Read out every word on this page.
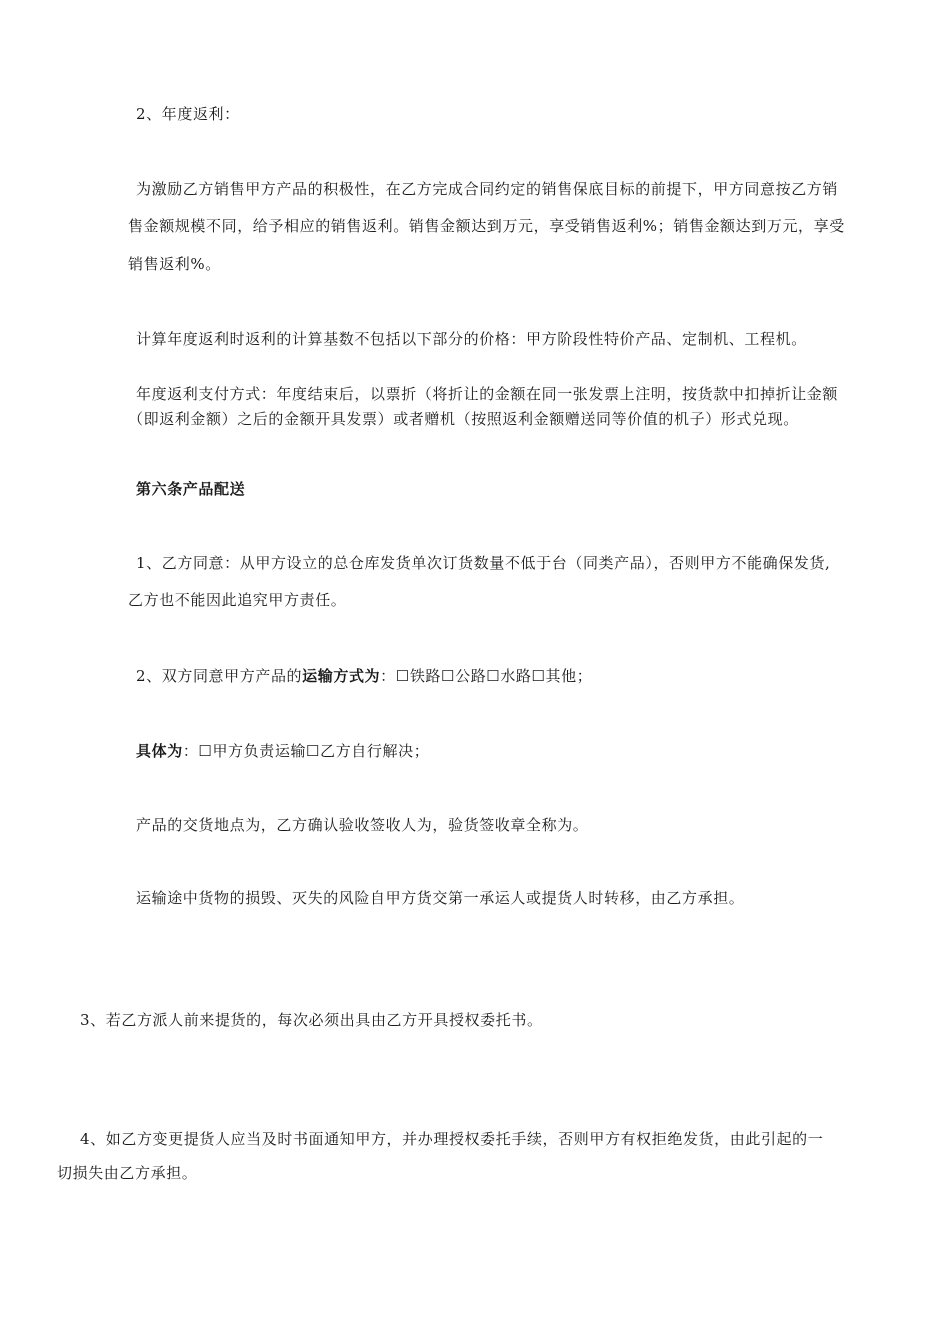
2、年度返利：
为激励乙方销售甲方产品的积极性，在乙方完成合同约定的销售保底目标的前提下，甲方同意按乙方销
售金额规模不同，给予相应的销售返利。销售金额达到万元，享受销售返利%；销售金额达到万元，享受
销售返利%。
计算年度返利时返利的计算基数不包括以下部分的价格：甲方阶段性特价产品、定制机、工程机。
年度返利支付方式：年度结束后，以票折（将折让的金额在同一张发票上注明，按货款中扣掉折让金额
（即返利金额）之后的金额开具发票）或者赠机（按照返利金额赠送同等价值的机子）形式兑现。
第六条产品配送
1、乙方同意：从甲方设立的总仓库发货单次订货数量不低于台（同类产品），否则甲方不能确保发货,
乙方也不能因此追究甲方责任。
2、双方同意甲方产品的运输方式为：☐铁路☐公路☐水路☐其他；
具体为：☐甲方负责运输☐乙方自行解决；
产品的交货地点为，乙方确认验收签收人为，验货签收章全称为。
运输途中货物的损毁、灭失的风险自甲方货交第一承运人或提货人时转移，由乙方承担。
3、若乙方派人前来提货的，每次必须出具由乙方开具授权委托书。
4、如乙方变更提货人应当及时书面通知甲方，并办理授权委托手续，否则甲方有权拒绝发货，由此引起的一
切损失由乙方承担。
